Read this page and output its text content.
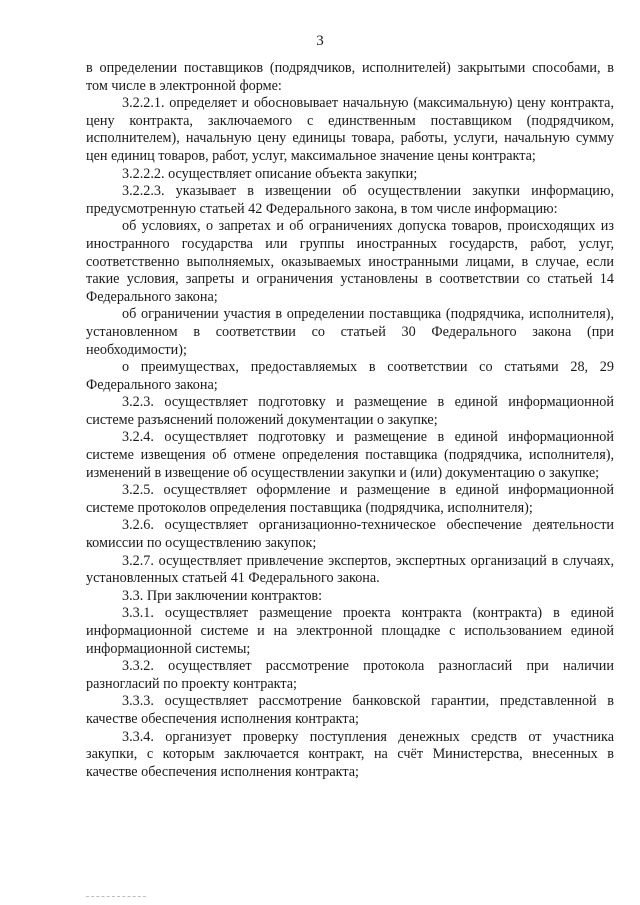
3

в определении поставщиков (подрядчиков, исполнителей) закрытыми способами, в том числе в электронной форме:

3.2.2.1. определяет и обосновывает начальную (максимальную) цену контракта, цену контракта, заключаемого с единственным поставщиком (подрядчиком, исполнителем), начальную цену единицы товара, работы, услуги, начальную сумму цен единиц товаров, работ, услуг, максимальное значение цены контракта;

3.2.2.2. осуществляет описание объекта закупки;

3.2.2.3. указывает в извещении об осуществлении закупки информацию, предусмотренную статьей 42 Федерального закона, в том числе информацию:

об условиях, о запретах и об ограничениях допуска товаров, происходящих из иностранного государства или группы иностранных государств, работ, услуг, соответственно выполняемых, оказываемых иностранными лицами, в случае, если такие условия, запреты и ограничения установлены в соответствии со статьей 14 Федерального закона;

об ограничении участия в определении поставщика (подрядчика, исполнителя), установленном в соответствии со статьей 30 Федерального закона (при необходимости);

о преимуществах, предоставляемых в соответствии со статьями 28, 29 Федерального закона;

3.2.3. осуществляет подготовку и размещение в единой информационной системе разъяснений положений документации о закупке;

3.2.4. осуществляет подготовку и размещение в единой информационной системе извещения об отмене определения поставщика (подрядчика, исполнителя), изменений в извещение об осуществлении закупки и (или) документацию о закупке;

3.2.5. осуществляет оформление и размещение в единой информационной системе протоколов определения поставщика (подрядчика, исполнителя);

3.2.6. осуществляет организационно-техническое обеспечение деятельности комиссии по осуществлению закупок;

3.2.7. осуществляет привлечение экспертов, экспертных организаций в случаях, установленных статьей 41 Федерального закона.

3.3. При заключении контрактов:

3.3.1. осуществляет размещение проекта контракта (контракта) в единой информационной системе и на электронной площадке с использованием единой информационной системы;

3.3.2. осуществляет рассмотрение протокола разногласий при наличии разногласий по проекту контракта;

3.3.3. осуществляет рассмотрение банковской гарантии, представленной в качестве обеспечения исполнения контракта;

3.3.4. организует проверку поступления денежных средств от участника закупки, с которым заключается контракт, на счёт Министерства, внесенных в качестве обеспечения исполнения контракта;
